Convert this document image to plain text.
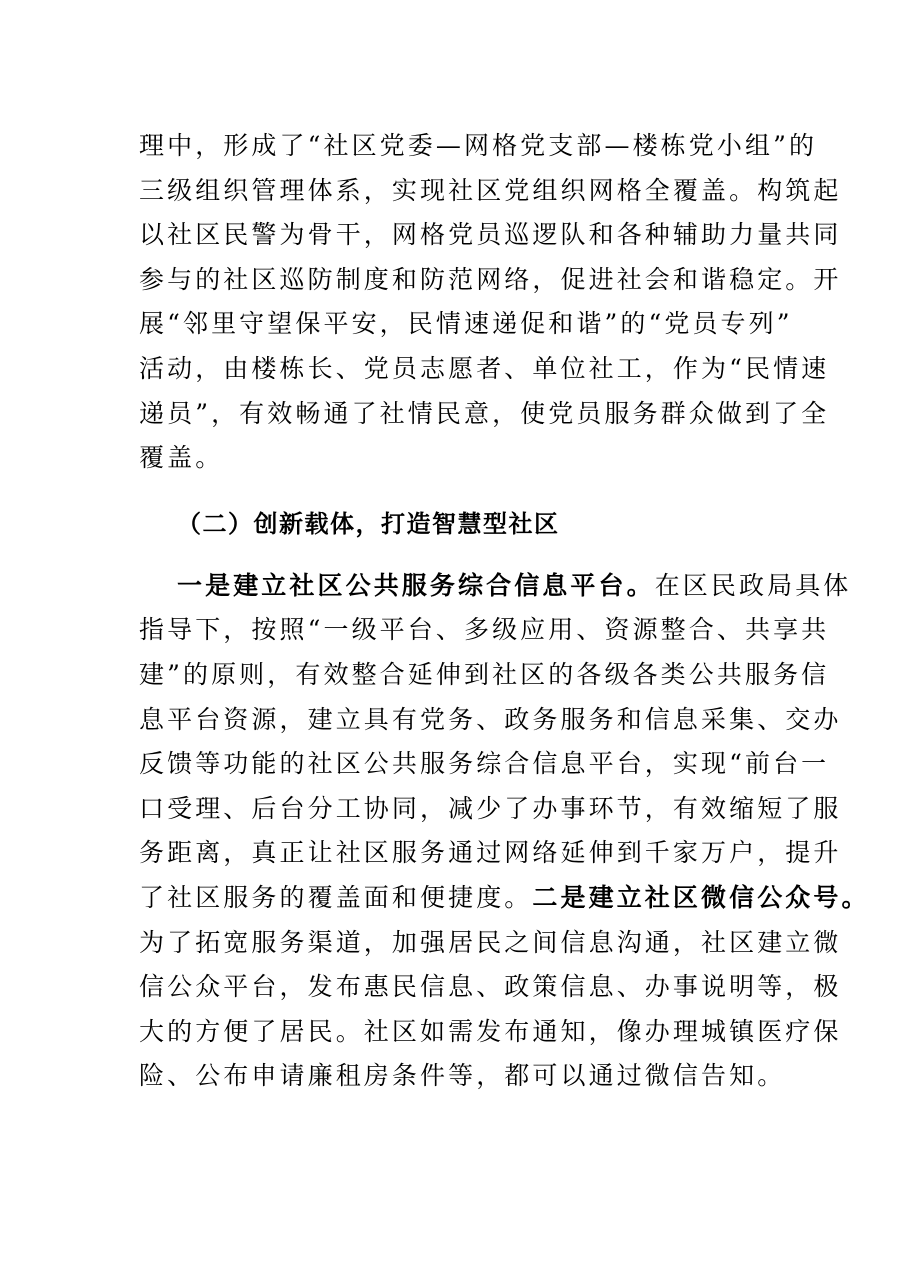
理中，形成了“社区党委—网格党支部—楼栋党小组”的
三级组织管理体系，实现社区党组织网格全覆盖。构筑起
以社区民警为骨干，网格党员巡逻队和各种辅助力量共同
参与的社区巡防制度和防范网络，促进社会和谐稳定。开
展“邻里守望保平安，民情速递促和谐”的“党员专列”
活动，由楼栋长、党员志愿者、单位社工，作为“民情速
递员”，有效畅通了社情民意，使党员服务群众做到了全
覆盖。
（二）创新载体，打造智慧型社区
一是建立社区公共服务综合信息平台。在区民政局具体
指导下，按照“一级平台、多级应用、资源整合、共享共
建”的原则，有效整合延伸到社区的各级各类公共服务信
息平台资源，建立具有党务、政务服务和信息采集、交办
反馈等功能的社区公共服务综合信息平台，实现“前台一
口受理、后台分工协同，减少了办事环节，有效缩短了服
务距离，真正让社区服务通过网络延伸到千家万户，提升
了社区服务的覆盖面和便捷度。二是建立社区微信公众号。
为了拓宽服务渠道，加强居民之间信息沟通，社区建立微
信公众平台，发布惠民信息、政策信息、办事说明等，极
大的方便了居民。社区如需发布通知，像办理城镇医疗保
险、公布申请廉租房条件等，都可以通过微信告知。
